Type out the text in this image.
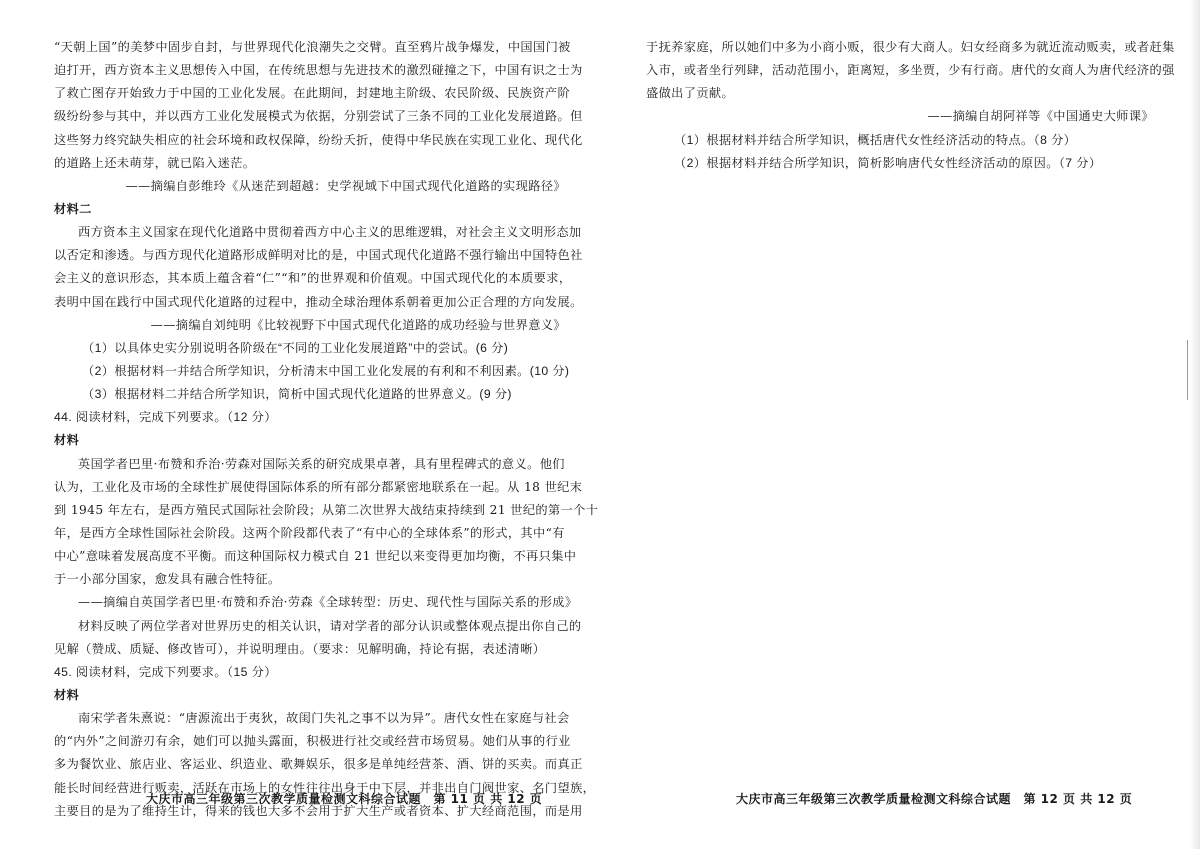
“天朝上国”的美梦中固步自封，与世界现代化浪潮失之交臂。直至鸦片战争爆发，中国国门被
迫打开，西方资本主义思想传入中国，在传统思想与先进技术的激烈碰撞之下，中国有识之士为
了救亡图存开始致力于中国的工业化发展。在此期间，封建地主阶级、农民阶级、民族资产阶
级纷纷参与其中，并以西方工业化发展模式为依据，分别尝试了三条不同的工业化发展道路。但
这些努力终究缺失相应的社会环境和政权保障，纷纷夭折，使得中华民族在实现工业化、现代化
的道路上还未萌芽，就已陷入迷茫。
——摘编自彭维玲《从迷茫到超越：史学视域下中国式现代化道路的实现路径》
材料二
西方资本主义国家在现代化道路中贯彻着西方中心主义的思维逻辑，对社会主义文明形态加
以否定和渗透。与西方现代化道路形成鲜明对比的是，中国式现代化道路不强行输出中国特色社
会主义的意识形态，其本质上蕴含着“仁”“和”的世界观和价值观。中国式现代化的本质要求，
表明中国在践行中国式现代化道路的过程中，推动全球治理体系朝着更加公正合理的方向发展。
——摘编自刘纯明《比较视野下中国式现代化道路的成功经验与世界意义》
（1）以具体史实分别说明各阶级在“不同的工业化发展道路”中的尝试。(6 分)
（2）根据材料一并结合所学知识，分析清末中国工业化发展的有利和不利因素。(10 分)
（3）根据材料二并结合所学知识，简析中国式现代化道路的世界意义。(9 分)
44. 阅读材料，完成下列要求。（12 分）
材料
英国学者巴里·布赞和乔治·劳森对国际关系的研究成果卓著，具有里程碑式的意义。他们
认为，工业化及市场的全球性扩展使得国际体系的所有部分都紧密地联系在一起。从 18 世纪末
到 1945 年左右，是西方殖民式国际社会阶段；从第二次世界大战结束持续到 21 世纪的第一个十
年，是西方全球性国际社会阶段。这两个阶段都代表了“有中心的全球体系”的形式，其中“有
中心”意味着发展高度不平衡。而这种国际权力模式自 21 世纪以来变得更加均衡，不再只集中
于一小部分国家，愈发具有融合性特征。
——摘编自英国学者巴里·布赞和乔治·劳森《全球转型：历史、现代性与国际关系的形成》
材料反映了两位学者对世界历史的相关认识，请对学者的部分认识或整体观点提出你自己的
见解（赞成、质疑、修改皆可），并说明理由。（要求：见解明确，持论有据，表述清晰）
45. 阅读材料，完成下列要求。（15 分）
材料
南宋学者朱熹说：“唐源流出于夷狄，故闺门失礼之事不以为异”。唐代女性在家庭与社会
的“内外”之间游刃有余，她们可以抛头露面，积极进行社交或经营市场贸易。她们从事的行业
多为餐饮业、旅店业、客运业、织造业、歌舞娱乐，很多是单纯经营茶、酒、饼的买卖。而真正
能长时间经营进行贩卖，活跃在市场上的女性往往出身于中下层，并非出自门阀世家、名门望族，
主要目的是为了维持生计，得来的钱也大多不会用于扩大生产或者资本、扩大经商范围，而是用
大庆市高三年级第三次教学质量检测文科综合试题　第 11 页 共 12 页
于抚养家庭，所以她们中多为小商小贩，很少有大商人。妇女经商多为就近流动贩卖，或者赶集
入市，或者坐行列肆，活动范围小，距离短，多坐贾，少有行商。唐代的女商人为唐代经济的强
盛做出了贡献。
——摘编自胡阿祥等《中国通史大师课》
（1）根据材料并结合所学知识，概括唐代女性经济活动的特点。（8 分）
（2）根据材料并结合所学知识，简析影响唐代女性经济活动的原因。（7 分）
大庆市高三年级第三次教学质量检测文科综合试题　第 12 页 共 12 页
